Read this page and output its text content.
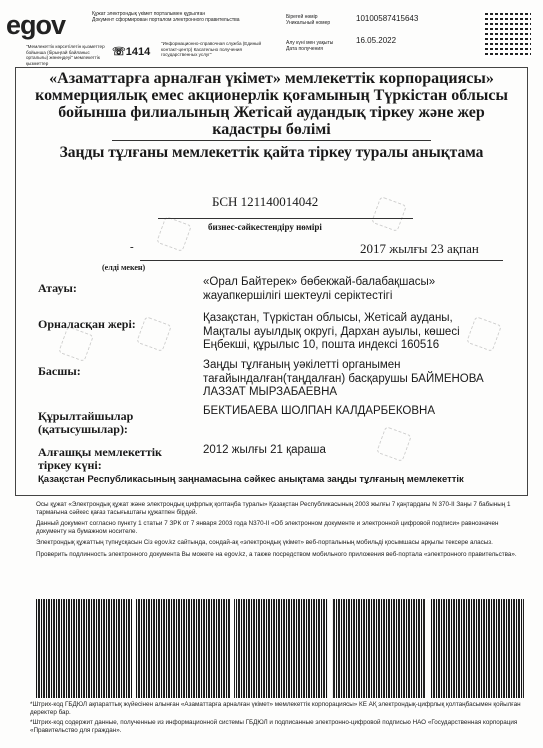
egov
"Мемлекеттік көрсетілетін қызметтер бойынша (бірыңғай байланыс орталығы) жөнеңдеуі" мемлекеттік қызметтер
☏1414
Құжат электрондық үкімет порталымен құрылған
Документ сформирован порталом электронного правительства
"Информационно-справочная служба (Единый контакт-центр) Касательно получения государственных услуг"
Бірегей нөмір
Уникальный номер
Алу күні мен уақыты
Дата получения
10100587415643
16.05.2022
«Азаматтарға арналған үкімет» мемлекеттік корпорациясы» коммерциялық емес акционерлік қоғамының Түркістан облысы бойынша филиалының Жетісай аудандық тіркеу және жер кадастры бөлімі
Заңды тұлғаны мемлекеттік қайта тіркеу туралы анықтама
БСН 121140014042
бизнес-сәйкестендіру нөмірі
-	2017 жылғы 23 ақпан
(елді мекен)
Атауы:	«Орал Байтерек» бөбекжай-балабақшасы» жауапкершілігі шектеулі серіктестігі
Орналасқан жері:	Қазақстан, Түркістан облысы, Жетісай ауданы, Мақталы ауылдық округі, Дархан ауылы, көшесі Еңбекші, құрылыс 10, пошта индексі 160516
Басшы:	Заңды тұлғаның уәкілетті органымен тағайындалған(таңдалған) басқарушы БАЙМЕНОВА ЛАЗЗАТ МЫРЗАБАЕВНА
Құрылтайшылар (қатысушылар):
БЕКТИБАЕВА ШОЛПАН КАЛДАРБЕКОВНА
Алғашқы мемлекеттік тіркеу күні:
2012 жылғы 21 қараша
Қазақстан Республикасының заңнамасына сәйкес анықтама заңды тұлғаның мемлекеттік

Осы құжат «Электрондық құжат және электрондық цифрлық қолтаңба туралы» Қазақстан Республикасының 2003 жылғы 7 қаңтардағы N 370-II Заңы 7 бабының 1 тармағына сәйкес қағаз тасығыштағы құжатпен бірдей.

Данный документ согласно пункту 1 статьи 7 ЗРК от 7 января 2003 года N370-II «Об электронном документе и электронной цифровой подписи» равнозначен документу на бумажном носителе.

Электрондық құжаттың түпнұсқасын Сіз egov.kz сайтында, сондай-ақ «электрондық үкімет» веб-порталының мобильді қосымшасы арқылы тексере аласыз.

Проверить подлинность электронного документа Вы можете на egov.kz, а также посредством мобильного приложения веб-портала «электронного правительства».

*Штрих-код ГБДЮЛ ақпараттық жүйесінен алынған «Азаматтарға арналған үкімет» мемлекеттік корпорациясы» КЕ АҚ электрондық-цифрлық қолтаңбасымен қойылған деректер бар.

*Штрих-код содержит данные, полученные из информационной системы ГБДЮЛ и подписанные электронно-цифровой подписью НАО «Государственная корпорация «Правительство для граждан».
